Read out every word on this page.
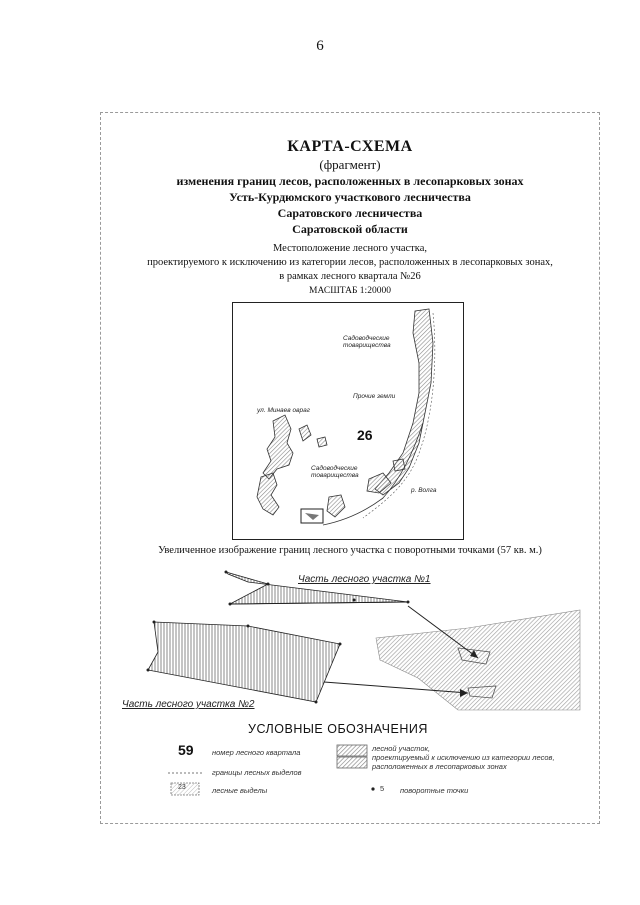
6
КАРТА-СХЕМА
(фрагмент)
изменения границ лесов, расположенных в лесопарковых зонах
Усть-Курдюмского участкового лесничества
Саратовского лесничества
Саратовской области
Местоположение лесного участка,
проектируемого к исключению из категории лесов, расположенных в лесопарковых зонах,
в рамках лесного квартала №26
МАСШТАБ 1:20000
Садоводческие товарищества
Прочие земли
ул. Минаев овраг
Садоводческие товарищества
р. Волга
26
Увеличенное изображение границ лесного участка с поворотными точками (57 кв. м.)
Часть лесного участка №1
Часть лесного участка №2
УСЛОВНЫЕ ОБОЗНАЧЕНИЯ
59 номер лесного квартала
границы лесных выделов
23	лесные выделы
лесной участок,
проектируемый к исключению из категории лесов,
расположенных в лесопарковых зонах
5 поворотные точки
